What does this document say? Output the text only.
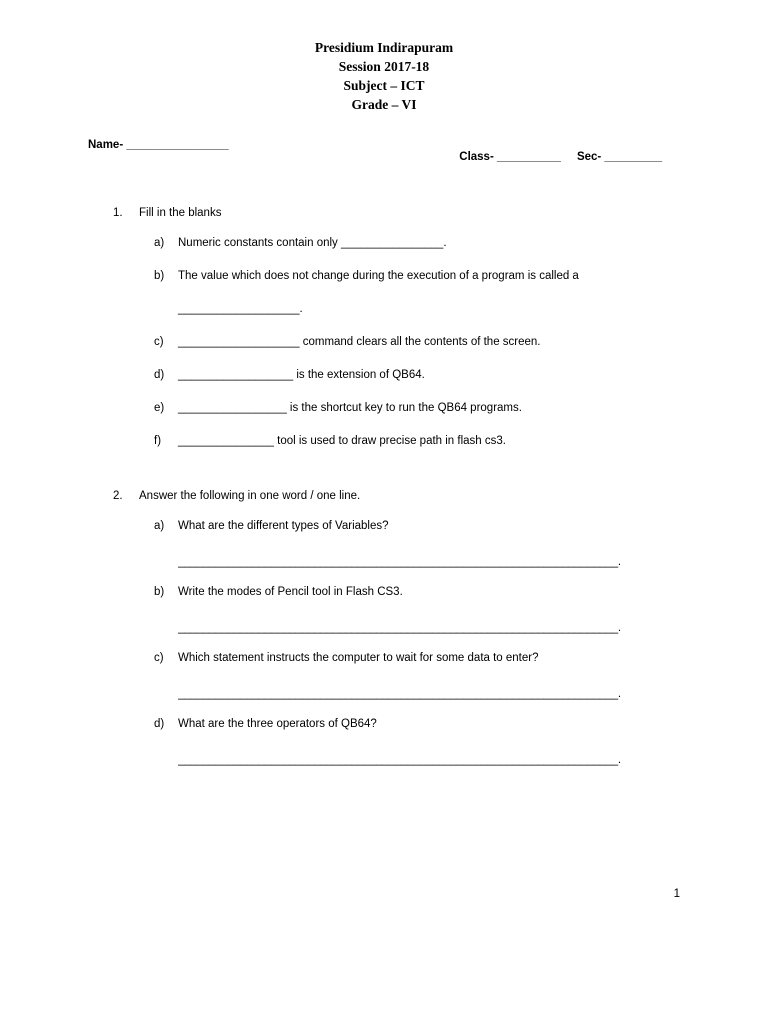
Presidium Indirapuram
Session 2017-18
Subject – ICT
Grade – VI
Name- ________________

Class- __________ Sec- _________

1.	Fill in the blanks
a)	Numeric constants contain only ________________.
b)	The value which does not change during the execution of a program is called a
___________________.
c)	___________________ command clears all the contents of the screen.
d)	__________________ is the extension of QB64.
e)	_________________ is the shortcut key to run the QB64 programs.
f)	_______________ tool is used to draw precise path in flash cs3.
2.	Answer the following in one word / one line.
a)	What are the different types of Variables?
_______________________________________________________________________.
b)	Write the modes of Pencil tool in Flash CS3.
_______________________________________________________________________.
c)	Which statement instructs the computer to wait for some data to enter?
_______________________________________________________________________.
d)	What are the three operators of QB64?
_______________________________________________________________________.
1
